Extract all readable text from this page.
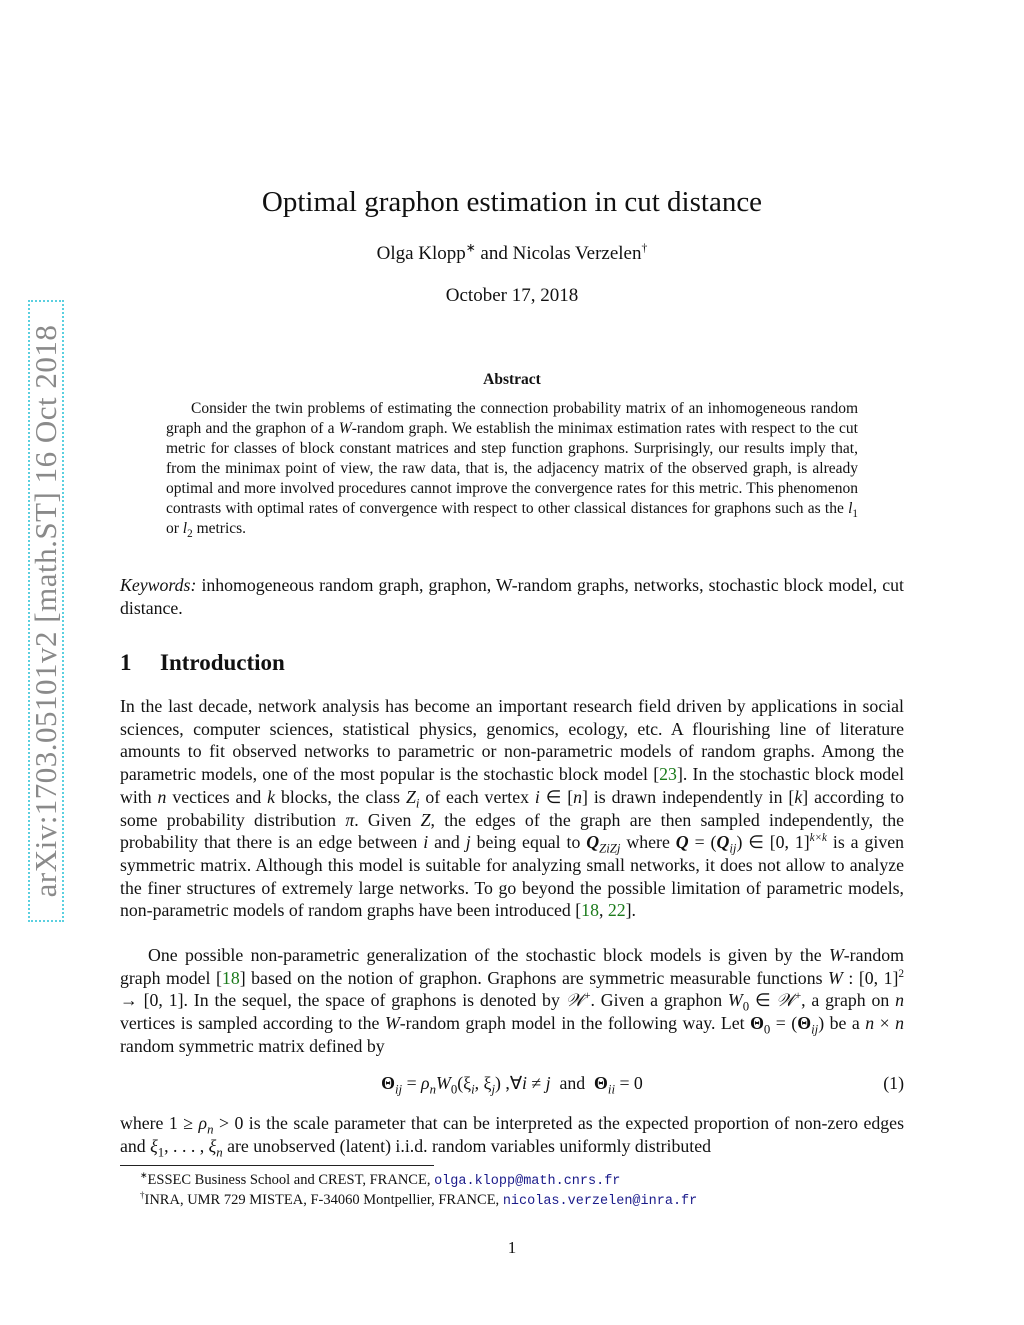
arXiv:1703.05101v2 [math.ST] 16 Oct 2018
Optimal graphon estimation in cut distance
Olga Klopp∗ and Nicolas Verzelen†
October 17, 2018
Abstract
Consider the twin problems of estimating the connection probability matrix of an inhomogeneous random graph and the graphon of a W-random graph. We establish the minimax estimation rates with respect to the cut metric for classes of block constant matrices and step function graphons. Surprisingly, our results imply that, from the minimax point of view, the raw data, that is, the adjacency matrix of the observed graph, is already optimal and more involved procedures cannot improve the convergence rates for this metric. This phenomenon contrasts with optimal rates of convergence with respect to other classical distances for graphons such as the $l_1$ or $l_2$ metrics.
Keywords: inhomogeneous random graph, graphon, W-random graphs, networks, stochastic block model, cut distance.
1 Introduction
In the last decade, network analysis has become an important research field driven by applications in social sciences, computer sciences, statistical physics, genomics, ecology, etc. A flourishing line of literature amounts to fit observed networks to parametric or non-parametric models of random graphs. Among the parametric models, one of the most popular is the stochastic block model [23]. In the stochastic block model with n vectices and k blocks, the class $Z_i$ of each vertex i ∈ [n] is drawn independently in [k] according to some probability distribution π. Given Z, the edges of the graph are then sampled independently, the probability that there is an edge between i and j being equal to $Q_{ZiZj}$ where $Q = (Q_{ij})$ ∈ [0, 1]$^{k\times k}$ is a given symmetric matrix. Although this model is suitable for analyzing small networks, it does not allow to analyze the finer structures of extremely large networks. To go beyond the possible limitation of parametric models, non-parametric models of random graphs have been introduced [18, 22].
One possible non-parametric generalization of the stochastic block models is given by the W-random graph model [18] based on the notion of graphon. Graphons are symmetric measurable functions W : [0, 1]$^2$ → [0, 1]. In the sequel, the space of graphons is denoted by 𝒲+. Given a graphon $W_0$ ∈ 𝒲+, a graph on n vertices is sampled according to the W-random graph model in the following way. Let $\Theta_0 = (\Theta_{ij})$ be a n × n random symmetric matrix defined by
$\Theta_{ij} = \rho_nW_0(\xi_i$, $\xi_j$) ,∀i ≠ j  and  $\Theta_{ii} = 0$	(1)
where $1 \ge \rho_n > 0$ is the scale parameter that can be interpreted as the expected proportion of non-zero edges and $\xi_1$, . . . , $\xi_n$ are unobserved (latent) i.i.d. random variables uniformly distributed
∗ESSEC Business School and CREST, FRANCE, olga.klopp@math.cnrs.fr
†INRA, UMR 729 MISTEA, F-34060 Montpellier, FRANCE, nicolas.verzelen@inra.fr
1
